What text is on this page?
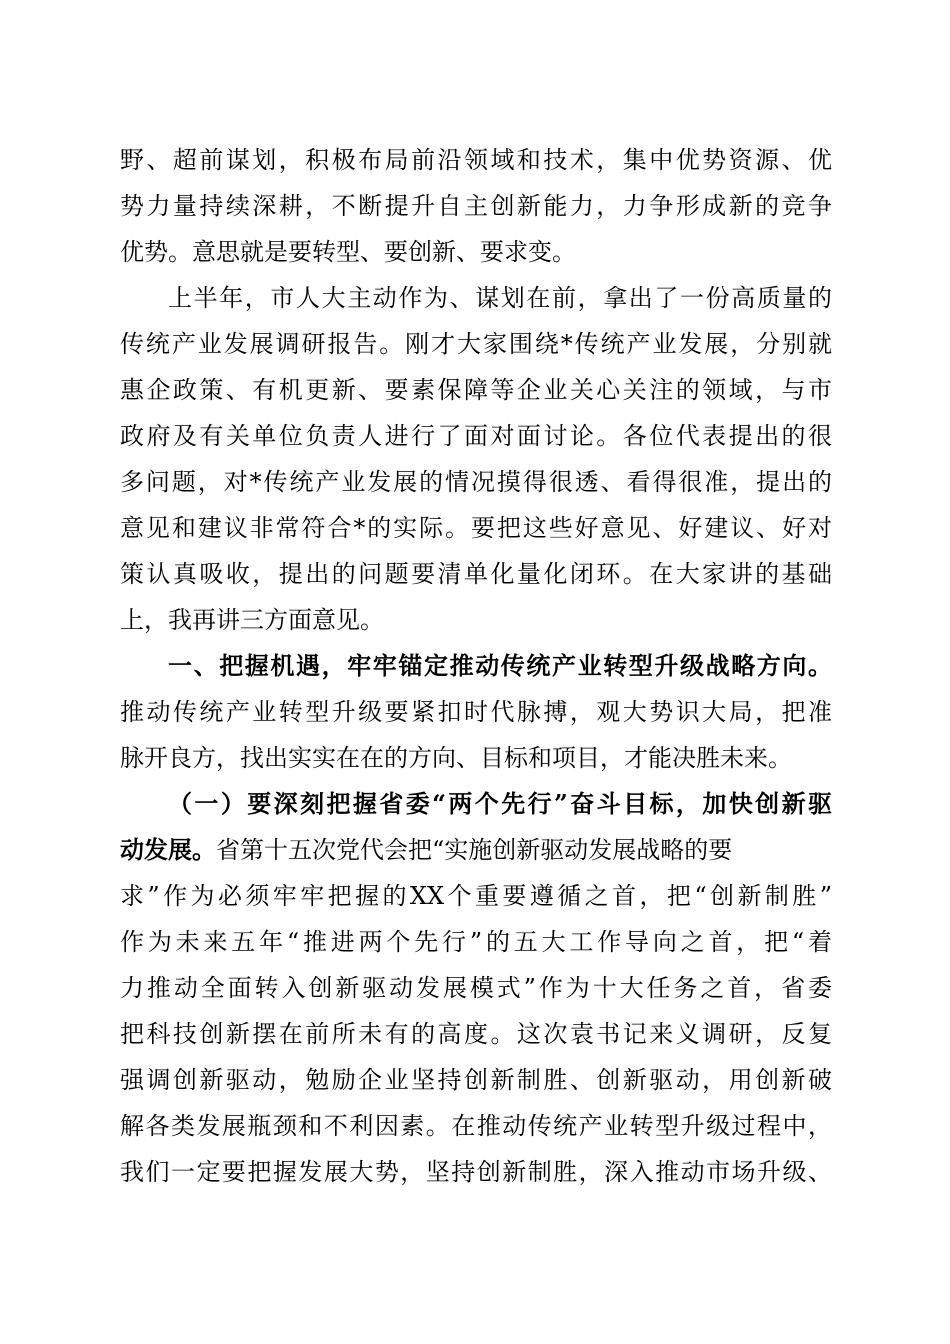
野、超前谋划，积极布局前沿领域和技术，集中优势资源、优
势力量持续深耕，不断提升自主创新能力，力争形成新的竞争
优势。意思就是要转型、要创新、要求变。
上半年，市人大主动作为、谋划在前，拿出了一份高质量的
传统产业发展调研报告。刚才大家围绕*传统产业发展，分别就
惠企政策、有机更新、要素保障等企业关心关注的领域，与市
政府及有关单位负责人进行了面对面讨论。各位代表提出的很
多问题，对*传统产业发展的情况摸得很透、看得很准，提出的
意见和建议非常符合*的实际。要把这些好意见、好建议、好对
策认真吸收，提出的问题要清单化量化闭环。在大家讲的基础
上，我再讲三方面意见。
一、把握机遇，牢牢锚定推动传统产业转型升级战略方向。
推动传统产业转型升级要紧扣时代脉搏，观大势识大局，把准
脉开良方，找出实实在在的方向、目标和项目，才能决胜未来。
（一）要深刻把握省委“两个先行”奋斗目标，加快创新驱
动发展。省第十五次党代会把“实施创新驱动发展战略的要
求”作为必须牢牢把握的XX个重要遵循之首，把“创新制胜”
作为未来五年“推进两个先行”的五大工作导向之首，把“着
力推动全面转入创新驱动发展模式”作为十大任务之首，省委
把科技创新摆在前所未有的高度。这次袁书记来义调研，反复
强调创新驱动，勉励企业坚持创新制胜、创新驱动，用创新破
解各类发展瓶颈和不利因素。在推动传统产业转型升级过程中，
我们一定要把握发展大势，坚持创新制胜，深入推动市场升级、
